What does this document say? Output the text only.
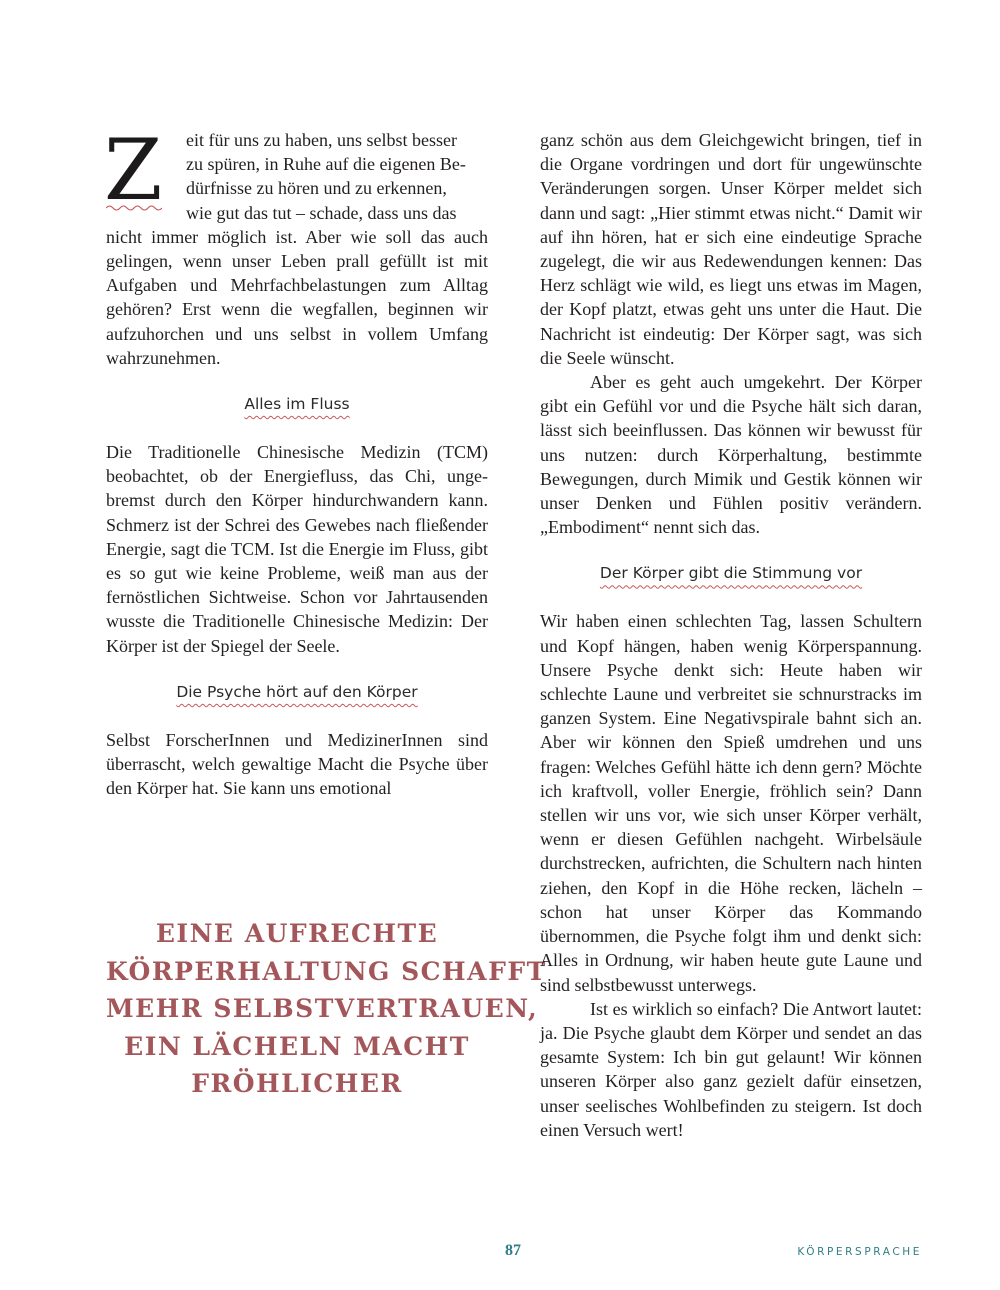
Z	eit für uns zu haben, uns selbst besser
zu spüren, in Ruhe auf die eigenen Be-
dürfnisse zu hören und zu erkennen,
wie gut das tut – schade, dass uns das

nicht immer möglich ist. Aber wie soll das auch gelingen, wenn unser Leben prall gefüllt ist mit Aufgaben und Mehrfachbelastungen zum Alltag gehören? Erst wenn die wegfallen, beginnen wir aufzuhorchen und uns selbst in vollem Umfang wahrzunehmen.

Alles im Fluss

Die Traditionelle Chinesische Medizin (TCM) beobachtet, ob der Energiefluss, das Chi, ungebremst durch den Körper hindurchwandern kann. Schmerz ist der Schrei des Gewebes nach fließender Energie, sagt die TCM. Ist die Energie im Fluss, gibt es so gut wie keine Probleme, weiß man aus der fernöstlichen Sichtweise. Schon vor Jahrtausenden wusste die Traditionelle Chinesische Medizin: Der Körper ist der Spiegel der Seele.

Die Psyche hört auf den Körper

Selbst ForscherInnen und MedizinerInnen sind überrascht, welch gewaltige Macht die Psyche über den Körper hat. Sie kann uns emotional

EINE AUFRECHTE
KÖRPERHALTUNG SCHAFFT
MEHR SELBSTVERTRAUEN,
EIN LÄCHELN MACHT
FRÖHLICHER

ganz schön aus dem Gleichgewicht bringen, tief in die Organe vordringen und dort für ungewünschte Veränderungen sorgen. Unser Körper meldet sich dann und sagt: „Hier stimmt etwas nicht.“ Damit wir auf ihn hören, hat er sich eine eindeutige Sprache zugelegt, die wir aus Redewendungen kennen: Das Herz schlägt wie wild, es liegt uns etwas im Magen, der Kopf platzt, etwas geht uns unter die Haut. Die Nachricht ist eindeutig: Der Körper sagt, was sich die Seele wünscht.

Aber es geht auch umgekehrt. Der Körper gibt ein Gefühl vor und die Psyche hält sich daran, lässt sich beeinflussen. Das können wir bewusst für uns nutzen: durch Körperhaltung, bestimmte Bewegungen, durch Mimik und Gestik können wir unser Denken und Fühlen positiv verändern. „Embodiment“ nennt sich das.

Der Körper gibt die Stimmung vor

Wir haben einen schlechten Tag, lassen Schultern und Kopf hängen, haben wenig Körperspannung. Unsere Psyche denkt sich: Heute haben wir schlechte Laune und verbreitet sie schnurstracks im ganzen System. Eine Negativspirale bahnt sich an. Aber wir können den Spieß umdrehen und uns fragen: Welches Gefühl hätte ich denn gern? Möchte ich kraftvoll, voller Energie, fröhlich sein? Dann stellen wir uns vor, wie sich unser Körper verhält, wenn er diesen Gefühlen nachgeht. Wirbelsäule durchstrecken, aufrichten, die Schultern nach hinten ziehen, den Kopf in die Höhe recken, lächeln – schon hat unser Körper das Kommando übernommen, die Psyche folgt ihm und denkt sich: Alles in Ordnung, wir haben heute gute Laune und sind selbstbewusst unterwegs.

Ist es wirklich so einfach? Die Antwort lautet: ja. Die Psyche glaubt dem Körper und sendet an das gesamte System: Ich bin gut gelaunt! Wir können unseren Körper also ganz gezielt dafür einsetzen, unser seelisches Wohlbefinden zu steigern. Ist doch einen Versuch wert!

87	KÖRPERSPRACHE
